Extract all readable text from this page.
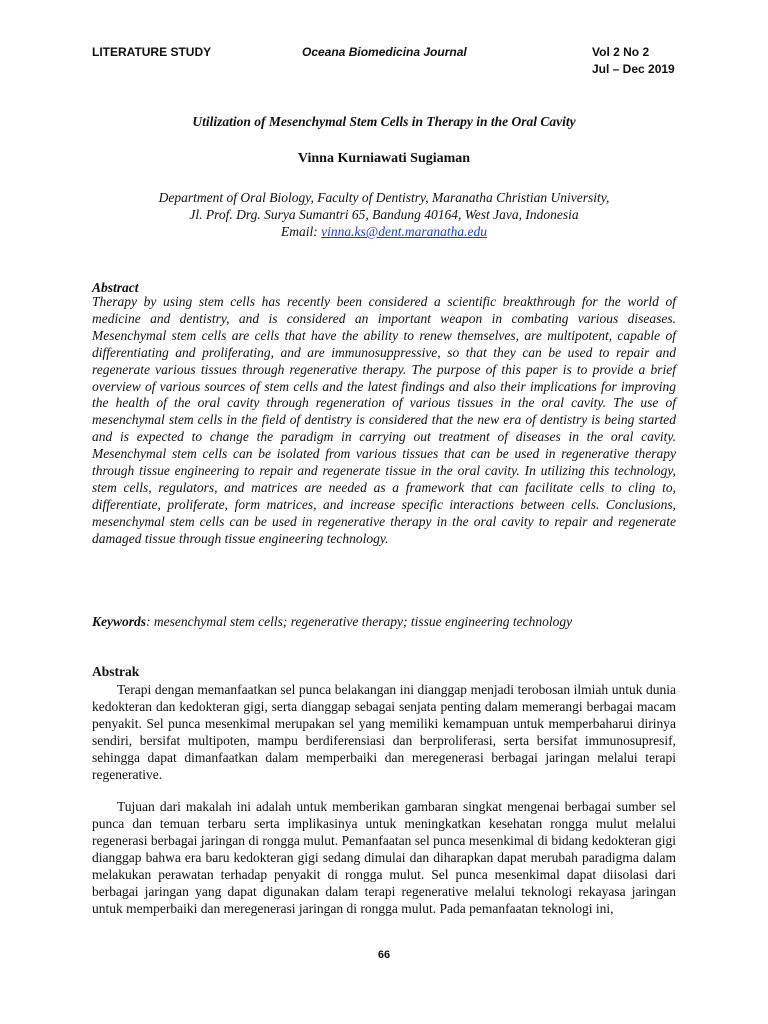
LITERATURE STUDY	Oceana Biomedicina Journal	Vol 2 No 2
Jul – Dec 2019
Utilization of Mesenchymal Stem Cells in Therapy in the Oral Cavity
Vinna Kurniawati Sugiaman
Department of Oral Biology, Faculty of Dentistry, Maranatha Christian University,
Jl. Prof. Drg. Surya Sumantri 65, Bandung 40164, West Java, Indonesia
Email: vinna.ks@dent.maranatha.edu
Abstract

Therapy by using stem cells has recently been considered a scientific breakthrough for the world of medicine and dentistry, and is considered an important weapon in combating various diseases. Mesenchymal stem cells are cells that have the ability to renew themselves, are multipotent, capable of differentiating and proliferating, and are immunosuppressive, so that they can be used to repair and regenerate various tissues through regenerative therapy. The purpose of this paper is to provide a brief overview of various sources of stem cells and the latest findings and also their implications for improving the health of the oral cavity through regeneration of various tissues in the oral cavity. The use of mesenchymal stem cells in the field of dentistry is considered that the new era of dentistry is being started and is expected to change the paradigm in carrying out treatment of diseases in the oral cavity. Mesenchymal stem cells can be isolated from various tissues that can be used in regenerative therapy through tissue engineering to repair and regenerate tissue in the oral cavity. In utilizing this technology, stem cells, regulators, and matrices are needed as a framework that can facilitate cells to cling to, differentiate, proliferate, form matrices, and increase specific interactions between cells. Conclusions, mesenchymal stem cells can be used in regenerative therapy in the oral cavity to repair and regenerate damaged tissue through tissue engineering technology.

Keywords: mesenchymal stem cells; regenerative therapy; tissue engineering technology
Abstrak

Terapi dengan memanfaatkan sel punca belakangan ini dianggap menjadi terobosan ilmiah untuk dunia kedokteran dan kedokteran gigi, serta dianggap sebagai senjata penting dalam memerangi berbagai macam penyakit. Sel punca mesenkimal merupakan sel yang memiliki kemampuan untuk memperbaharui dirinya sendiri, bersifat multipoten, mampu berdiferensiasi dan berproliferasi, serta bersifat immunosupresif, sehingga dapat dimanfaatkan dalam memperbaiki dan meregenerasi berbagai jaringan melalui terapi regenerative.

Tujuan dari makalah ini adalah untuk memberikan gambaran singkat mengenai berbagai sumber sel punca dan temuan terbaru serta implikasinya untuk meningkatkan kesehatan rongga mulut melalui regenerasi berbagai jaringan di rongga mulut. Pemanfaatan sel punca mesenkimal di bidang kedokteran gigi dianggap bahwa era baru kedokteran gigi sedang dimulai dan diharapkan dapat merubah paradigma dalam melakukan perawatan terhadap penyakit di rongga mulut. Sel punca mesenkimal dapat diisolasi dari berbagai jaringan yang dapat digunakan dalam terapi regenerative melalui teknologi rekayasa jaringan untuk memperbaiki dan meregenerasi jaringan di rongga mulut. Pada pemanfaatan teknologi ini,

66
